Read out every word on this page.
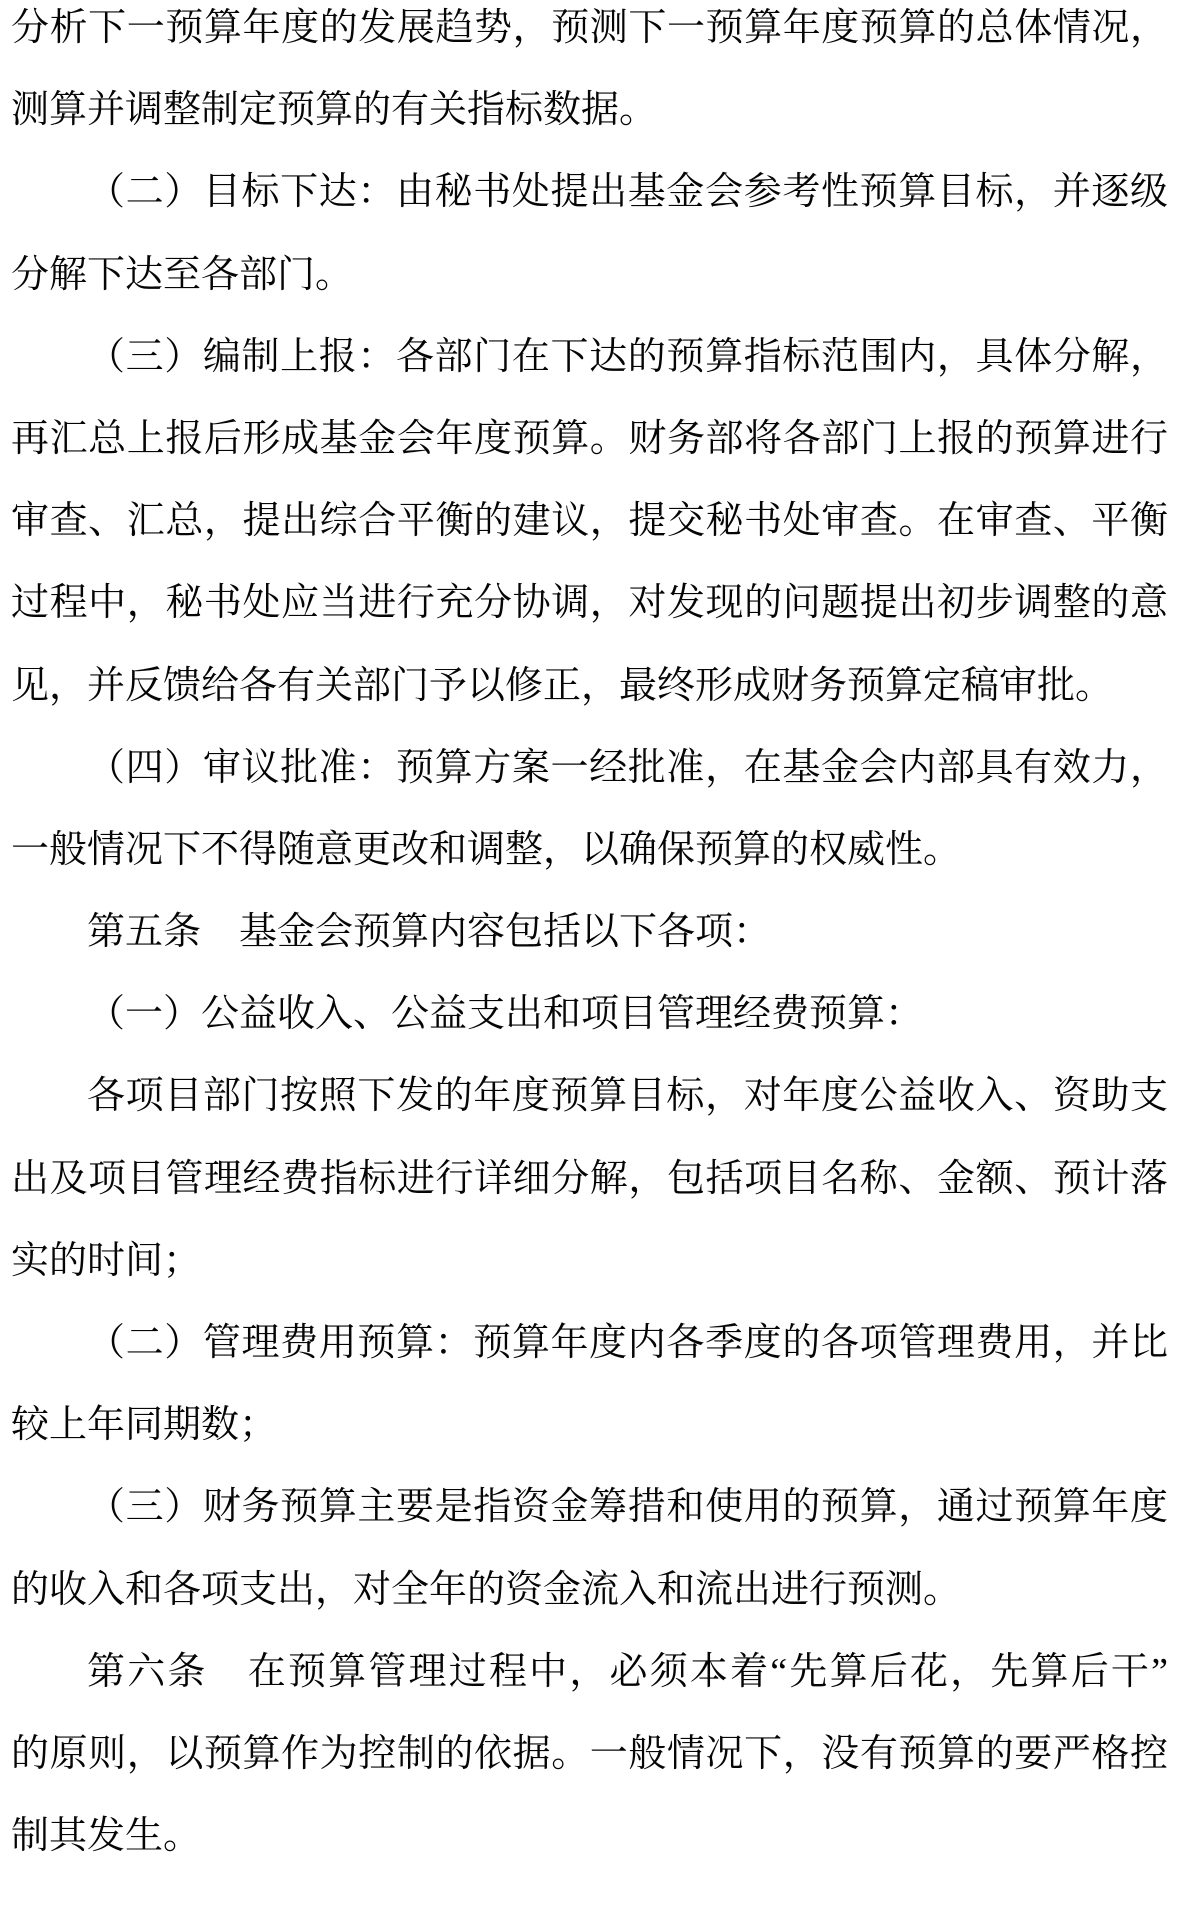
分析下一预算年度的发展趋势，预测下一预算年度预算的总体情况，
测算并调整制定预算的有关指标数据。
（二）目标下达：由秘书处提出基金会参考性预算目标，并逐级
分解下达至各部门。
（三）编制上报：各部门在下达的预算指标范围内，具体分解，
再汇总上报后形成基金会年度预算。财务部将各部门上报的预算进行
审查、汇总，提出综合平衡的建议，提交秘书处审查。在审查、平衡
过程中，秘书处应当进行充分协调，对发现的问题提出初步调整的意
见，并反馈给各有关部门予以修正，最终形成财务预算定稿审批。
（四）审议批准：预算方案一经批准，在基金会内部具有效力，
一般情况下不得随意更改和调整，以确保预算的权威性。
第五条　基金会预算内容包括以下各项：
（一）公益收入、公益支出和项目管理经费预算：
各项目部门按照下发的年度预算目标，对年度公益收入、资助支
出及项目管理经费指标进行详细分解，包括项目名称、金额、预计落
实的时间；
（二）管理费用预算：预算年度内各季度的各项管理费用，并比
较上年同期数；
（三）财务预算主要是指资金筹措和使用的预算，通过预算年度
的收入和各项支出，对全年的资金流入和流出进行预测。
第六条　在预算管理过程中，必须本着“先算后花，先算后干”
的原则，以预算作为控制的依据。一般情况下，没有预算的要严格控
制其发生。
